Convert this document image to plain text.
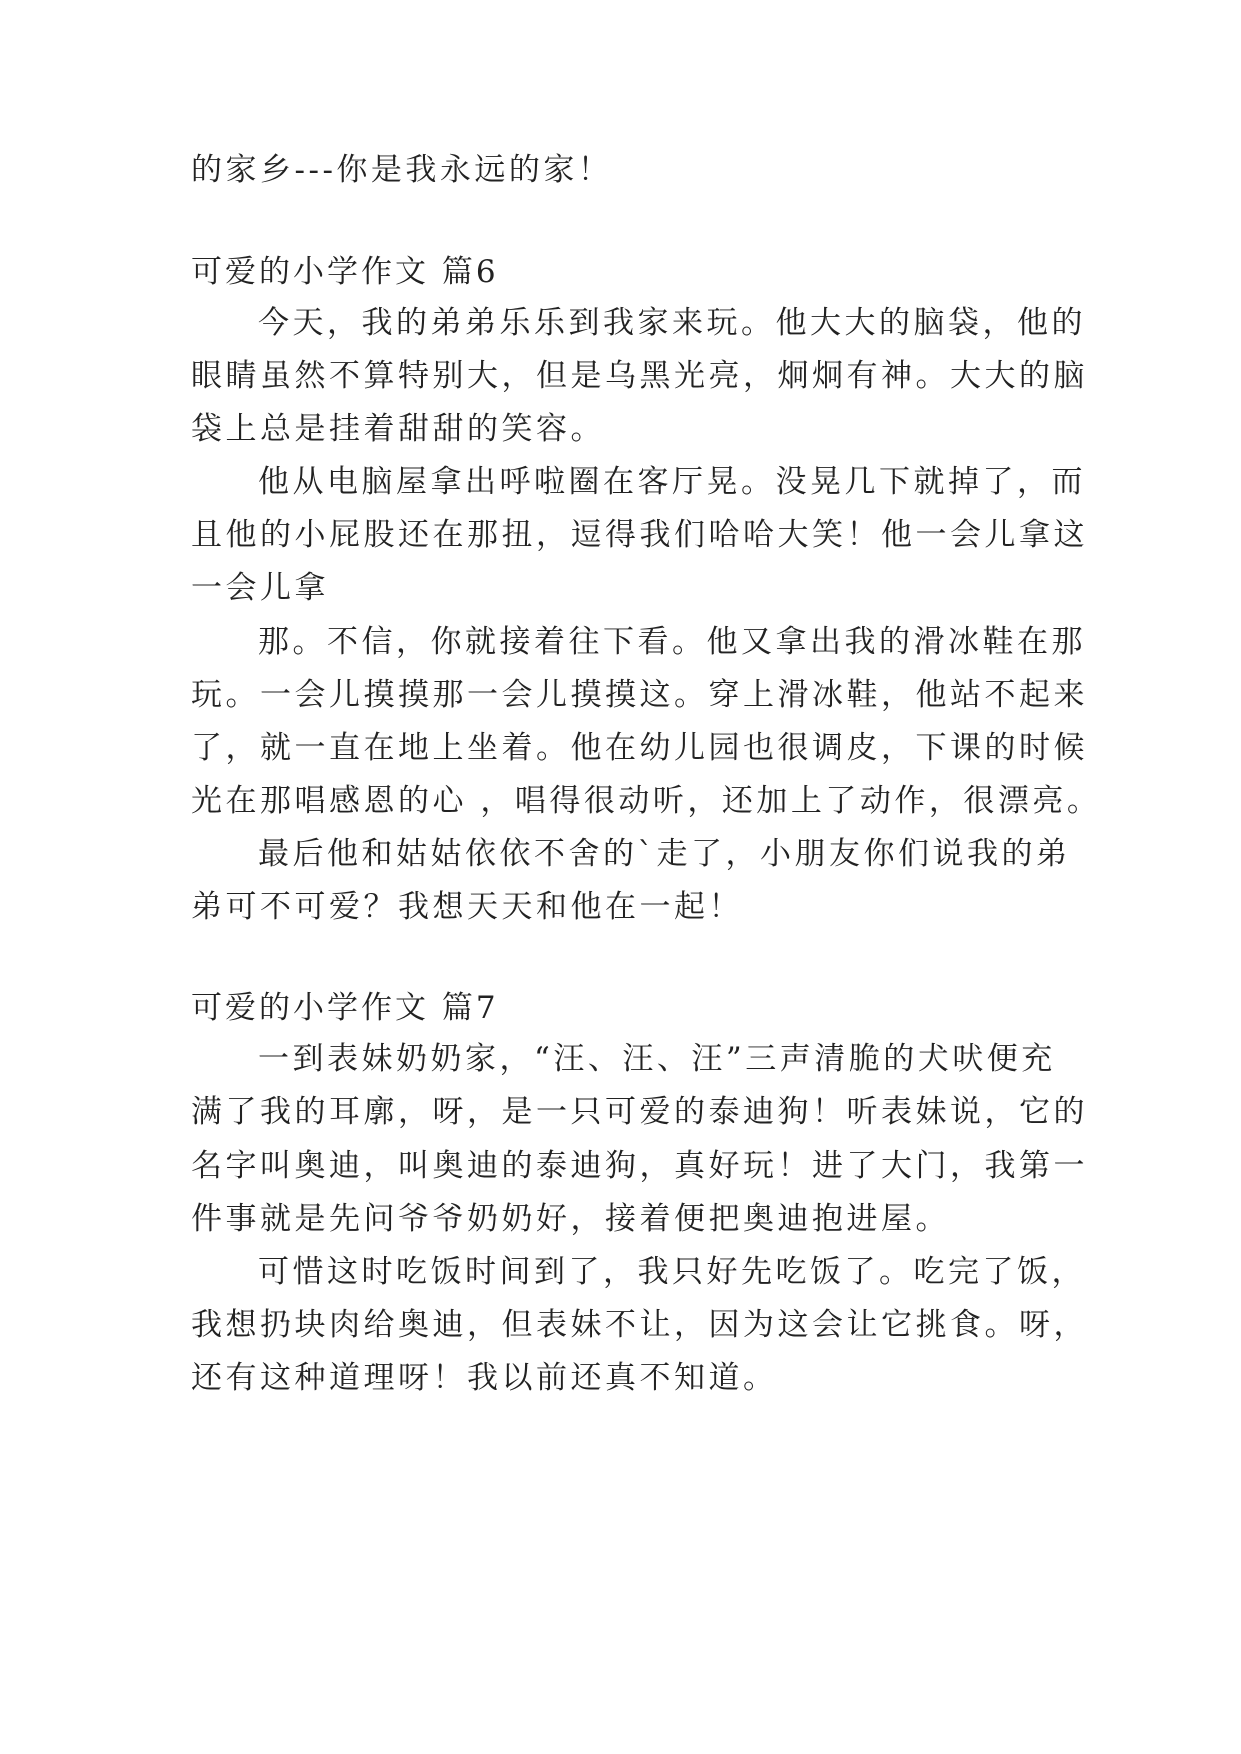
的家乡---你是我永远的家！
可爱的小学作文 篇6
今天，我的弟弟乐乐到我家来玩。他大大的脑袋，他的
眼睛虽然不算特别大，但是乌黑光亮，炯炯有神。大大的脑
袋上总是挂着甜甜的笑容。
他从电脑屋拿出呼啦圈在客厅晃。没晃几下就掉了，而
且他的小屁股还在那扭，逗得我们哈哈大笑！他一会儿拿这
一会儿拿
那。不信，你就接着往下看。他又拿出我的滑冰鞋在那
玩。一会儿摸摸那一会儿摸摸这。穿上滑冰鞋，他站不起来
了，就一直在地上坐着。他在幼儿园也很调皮，下课的时候
光在那唱感恩的心 ，唱得很动听，还加上了动作，很漂亮。
最后他和姑姑依依不舍的`走了，小朋友你们说我的弟
弟可不可爱？我想天天和他在一起！
可爱的小学作文 篇7
一到表妹奶奶家，“汪、汪、汪”三声清脆的犬吠便充
满了我的耳廓，呀，是一只可爱的泰迪狗！听表妹说，它的
名字叫奥迪，叫奥迪的泰迪狗，真好玩！进了大门，我第一
件事就是先问爷爷奶奶好，接着便把奥迪抱进屋。
可惜这时吃饭时间到了，我只好先吃饭了。吃完了饭，
我想扔块肉给奥迪，但表妹不让，因为这会让它挑食。呀，
还有这种道理呀！我以前还真不知道。
